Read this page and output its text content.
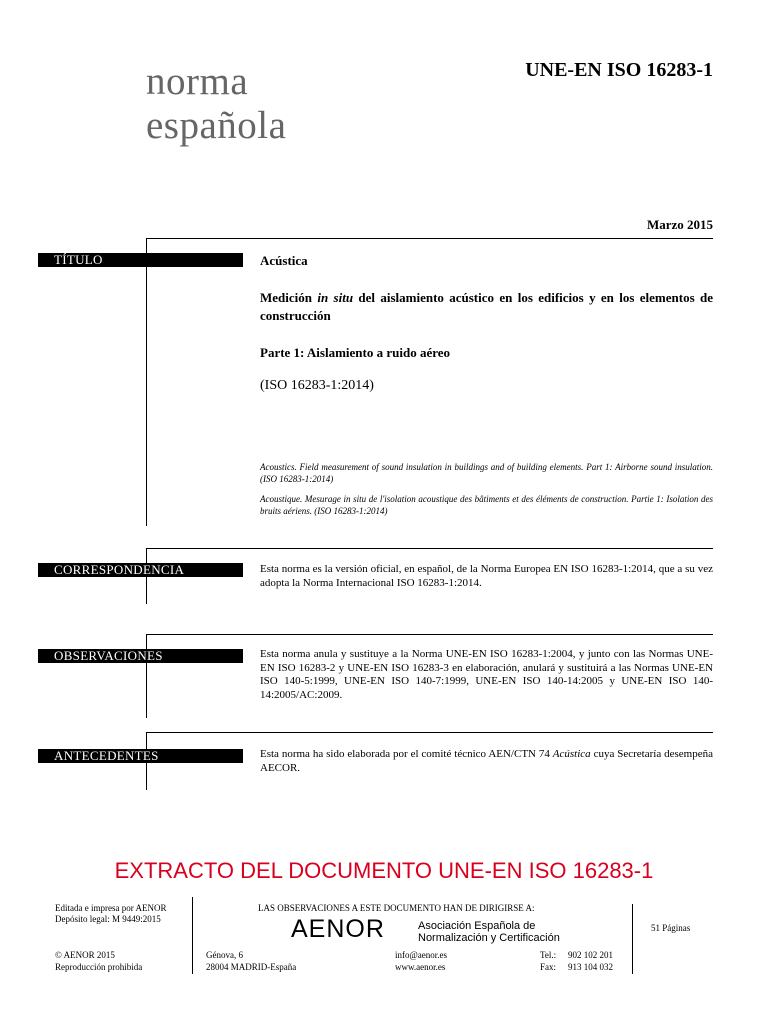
norma
española
UNE-EN ISO 16283-1
Marzo 2015
TÍTULO	Acústica
Medición in situ del aislamiento acústico en los edificios y en los elementos de construcción
Parte 1: Aislamiento a ruido aéreo
(ISO 16283-1:2014)
Acoustics. Field measurement of sound insulation in buildings and of building elements. Part 1: Airborne sound insulation. (ISO 16283-1:2014)
Acoustique. Mesurage in situ de l'isolation acoustique des bâtiments et des éléments de construction. Partie 1: Isolation des bruits aériens. (ISO 16283-1:2014)
CORRESPONDENCIA	Esta norma es la versión oficial, en español, de la Norma Europea EN ISO 16283-1:2014, que a su vez adopta la Norma Internacional ISO 16283-1:2014.
OBSERVACIONES	Esta norma anula y sustituye a la Norma UNE-EN ISO 16283-1:2004, y junto con las Normas UNE-EN ISO 16283-2 y UNE-EN ISO 16283-3 en elaboración, anulará y sustituirá a las Normas UNE-EN ISO 140-5:1999, UNE-EN ISO 140-7:1999, UNE-EN ISO 140-14:2005 y UNE-EN ISO 140-14:2005/AC:2009.
ANTECEDENTES	Esta norma ha sido elaborada por el comité técnico AEN/CTN 74 Acústica cuya Secretaría desempeña AECOR.
EXTRACTO DEL DOCUMENTO UNE-EN ISO 16283-1
Editada e impresa por AENOR
Depósito legal: M 9449:2015
© AENOR 2015
Reproducción prohibida
LAS OBSERVACIONES A ESTE DOCUMENTO HAN DE DIRIGIRSE A:
AENOR	Asociación Española de
Normalización y Certificación
Génova, 6
28004 MADRID-España
info@aenor.es
www.aenor.es
Tel.: 902 102 201
Fax: 913 104 032
51 Páginas
